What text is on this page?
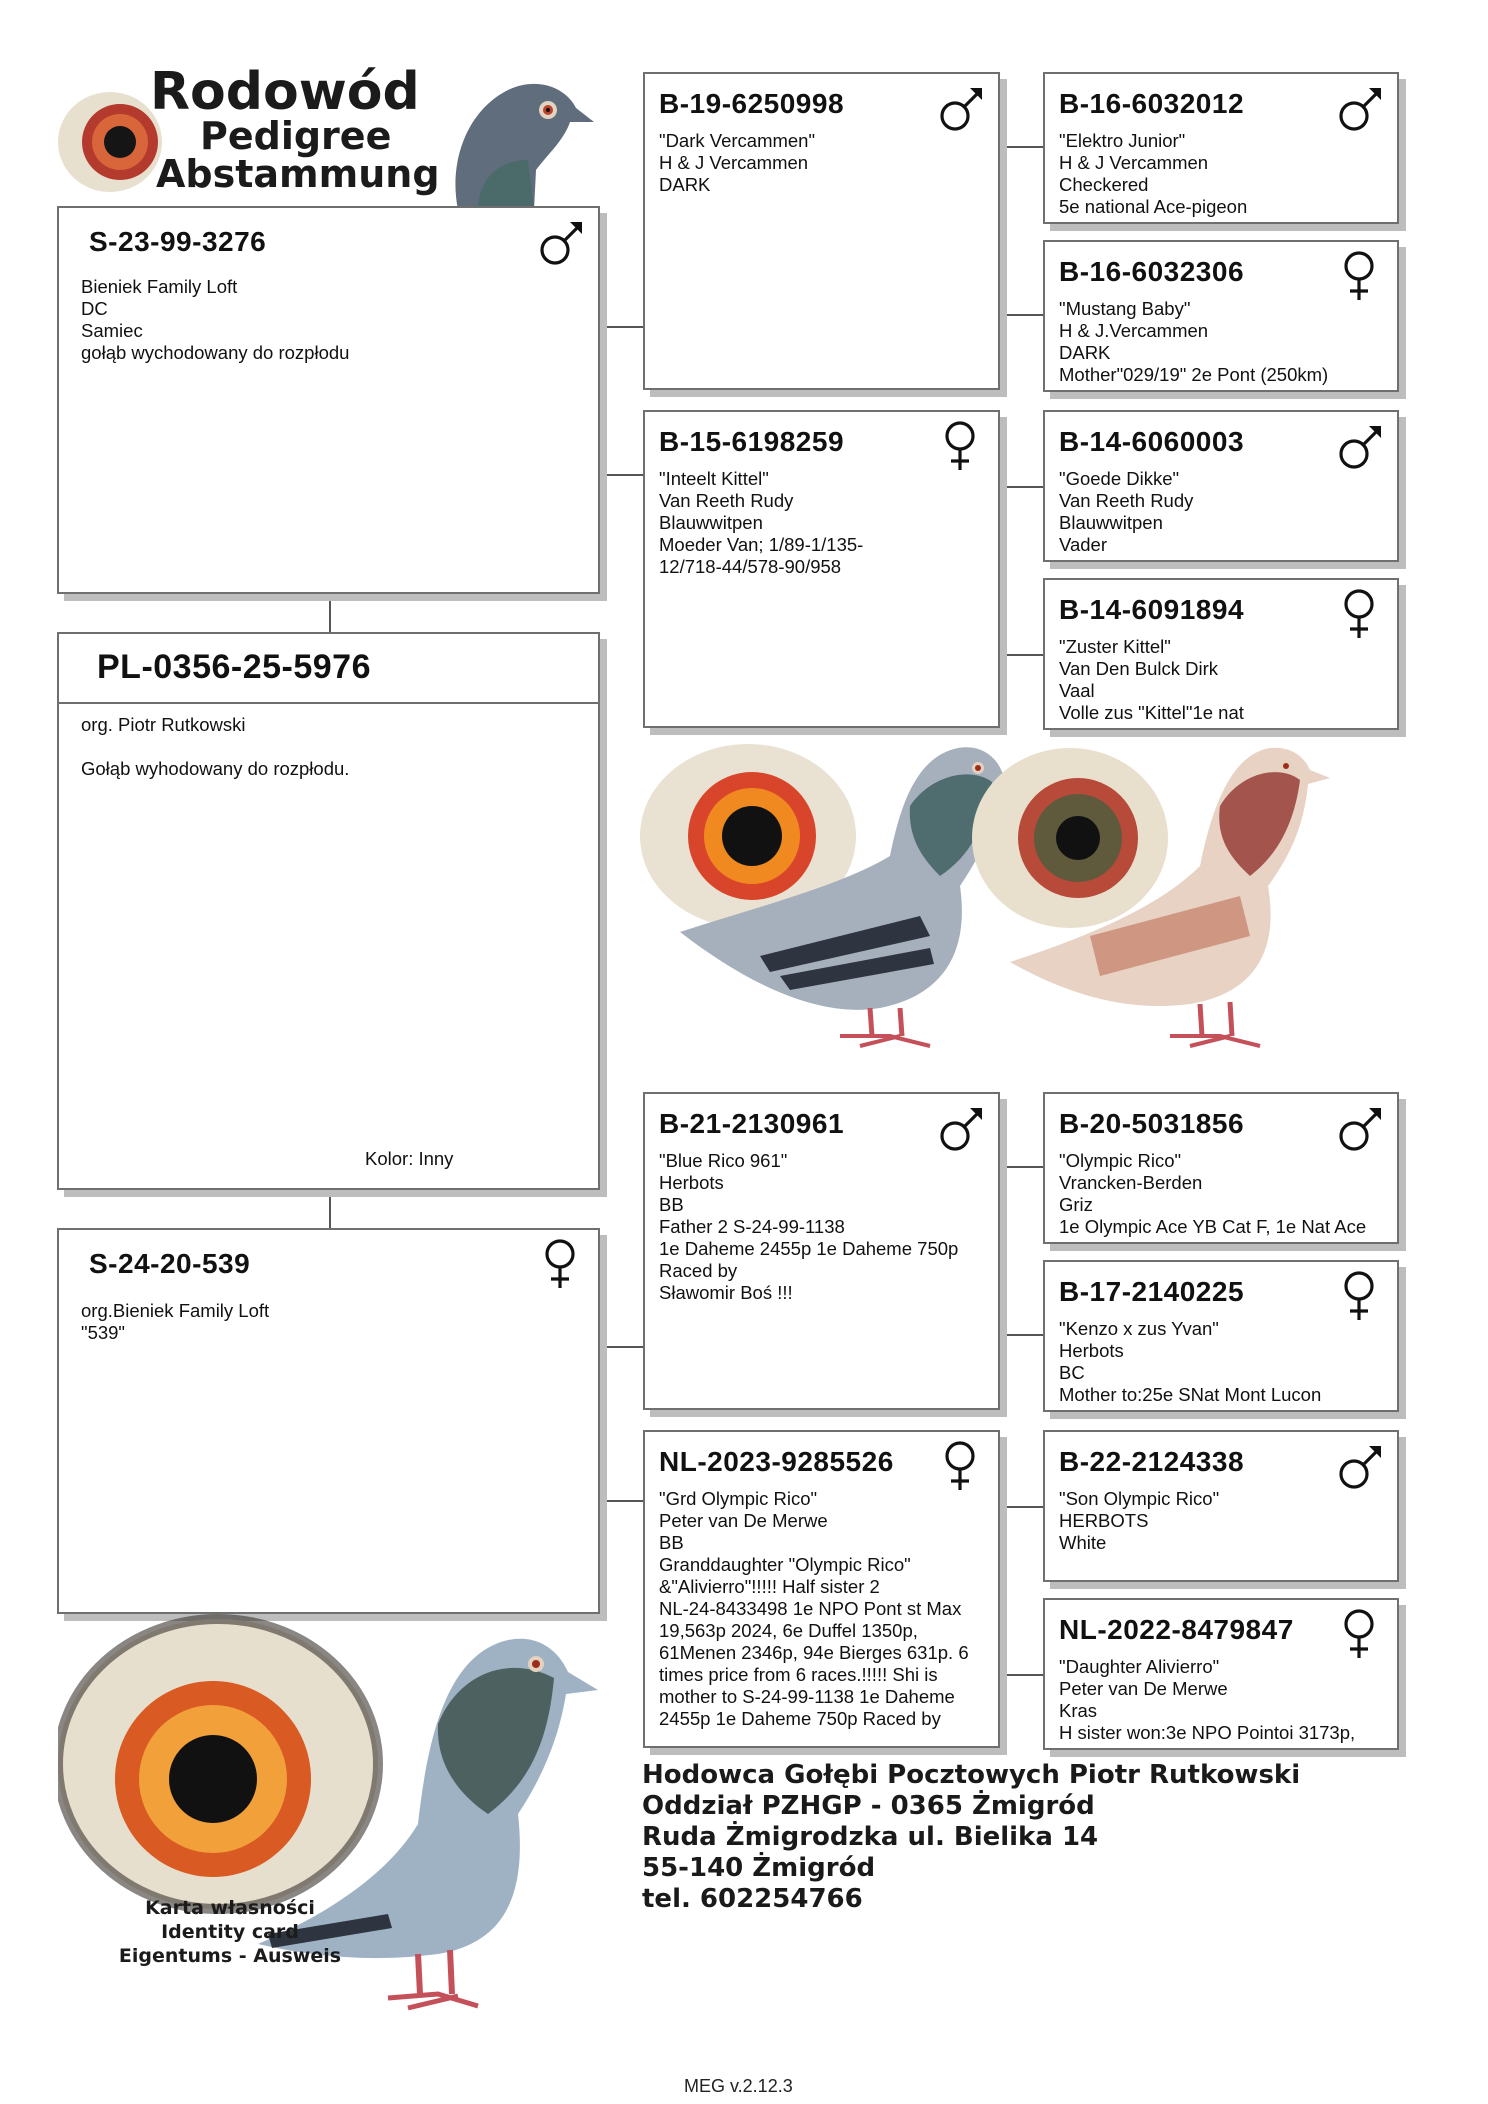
Rodowód
Pedigree
Abstammung
S-23-99-3276
Bieniek Family Loft
DC
Samiec
gołąb wychodowany do rozpłodu
PL-0356-25-5976
org. Piotr Rutkowski
Gołąb wyhodowany do rozpłodu.
Kolor: Inny
S-24-20-539
org.Bieniek Family Loft
"539"
B-19-6250998
"Dark Vercammen"
H & J Vercammen
DARK
B-15-6198259
"Inteelt Kittel"
Van Reeth Rudy
Blauwwitpen
Moeder Van; 1/89-1/135-
12/718-44/578-90/958
B-21-2130961
"Blue Rico 961"
Herbots
BB
Father 2 S-24-99-1138
1e Daheme 2455p 1e Daheme 750p
Raced by
Sławomir Boś !!!
NL-2023-9285526
"Grd Olympic Rico"
Peter van De Merwe
BB
Granddaughter "Olympic Rico"
&"Alivierro"!!!!! Half sister 2
NL-24-8433498 1e NPO Pont st Max
19,563p 2024, 6e Duffel 1350p,
61Menen 2346p, 94e Bierges 631p. 6
times price from 6 races.!!!!! Shi is
mother to S-24-99-1138 1e Daheme
2455p 1e Daheme 750p Raced by
B-16-6032012
"Elektro Junior"
H & J Vercammen
Checkered
5e national Ace-pigeon
B-16-6032306
"Mustang Baby"
H & J.Vercammen
DARK
Mother"029/19" 2e Pont (250km)
B-14-6060003
"Goede Dikke"
Van Reeth Rudy
Blauwwitpen
Vader
B-14-6091894
"Zuster Kittel"
Van Den Bulck Dirk
Vaal
Volle zus "Kittel"1e nat
B-20-5031856
"Olympic Rico"
Vrancken-Berden
Griz
1e Olympic Ace YB Cat F, 1e Nat Ace
B-17-2140225
"Kenzo x zus Yvan"
Herbots
BC
Mother to:25e SNat Mont Lucon
B-22-2124338
"Son Olympic Rico"
HERBOTS
White
NL-2022-8479847
"Daughter Alivierro"
Peter van De Merwe
Kras
H sister won:3e NPO Pointoi 3173p,
Karta własności
Identity card
Eigentums - Ausweis
Hodowca Gołębi Pocztowych Piotr Rutkowski
Oddział PZHGP - 0365 Żmigród
Ruda Żmigrodzka ul. Bielika 14
55-140 Żmigród
tel. 602254766
MEG v.2.12.3
